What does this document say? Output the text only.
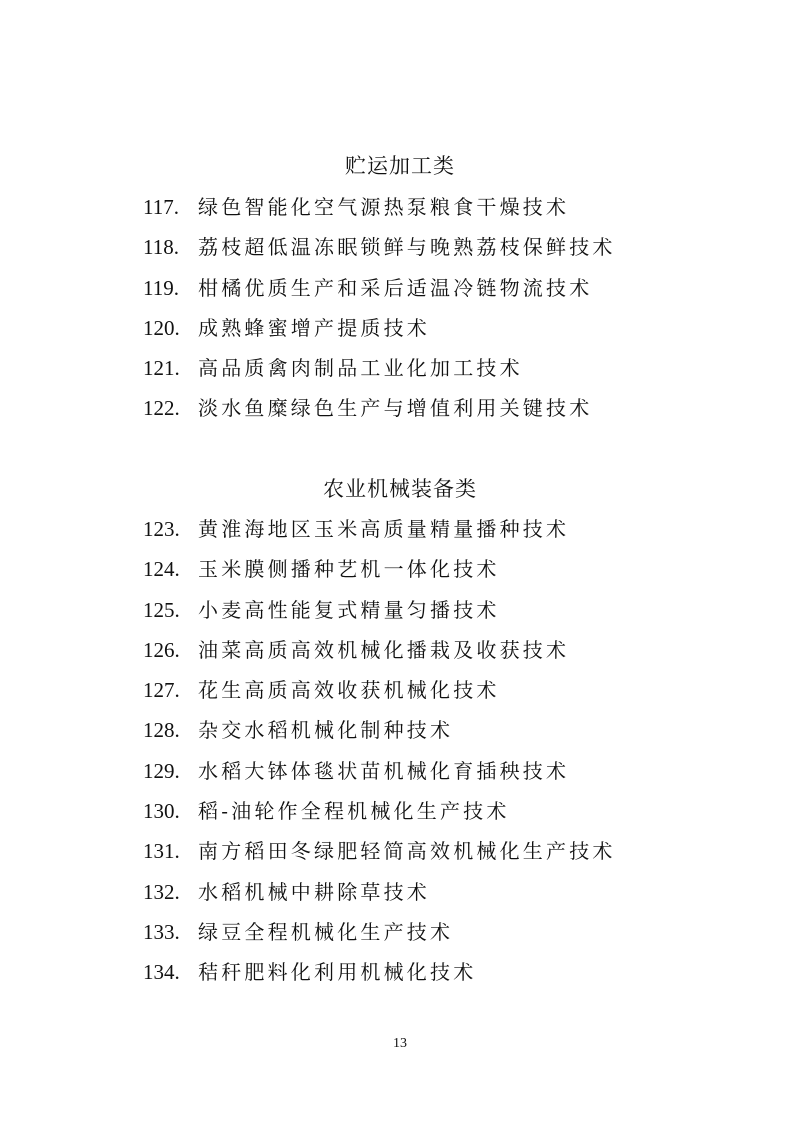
贮运加工类
117. 绿色智能化空气源热泵粮食干燥技术
118. 荔枝超低温冻眠锁鲜与晚熟荔枝保鲜技术
119. 柑橘优质生产和采后适温冷链物流技术
120. 成熟蜂蜜增产提质技术
121. 高品质禽肉制品工业化加工技术
122. 淡水鱼糜绿色生产与增值利用关键技术
农业机械装备类
123. 黄淮海地区玉米高质量精量播种技术
124. 玉米膜侧播种艺机一体化技术
125. 小麦高性能复式精量匀播技术
126. 油菜高质高效机械化播栽及收获技术
127. 花生高质高效收获机械化技术
128. 杂交水稻机械化制种技术
129. 水稻大钵体毯状苗机械化育插秧技术
130. 稻-油轮作全程机械化生产技术
131. 南方稻田冬绿肥轻简高效机械化生产技术
132. 水稻机械中耕除草技术
133. 绿豆全程机械化生产技术
134. 秸秆肥料化利用机械化技术
13
